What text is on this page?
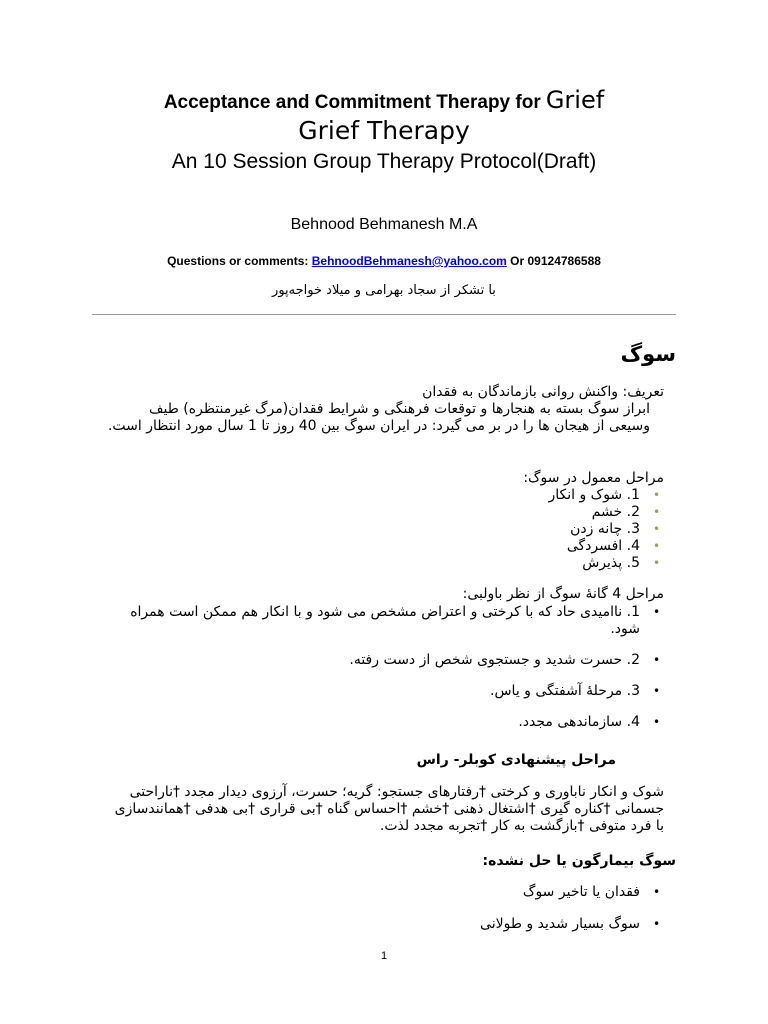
Acceptance and Commitment Therapy for Grief
Grief Therapy
An 10 Session Group Therapy Protocol(Draft)
Behnood Behmanesh M.A
Questions or comments: BehnoodBehmanesh@yahoo.com Or 09124786588
با تشکر از سجاد بهرامی و میلاد خواجه‌پور
سوگ
تعریف: واکنش روانی بازماندگان به فقدان
ابراز سوگ بسته به هنجارها و توقعات فرهنگی و شرایط فقدان(مرگ غیرمنتظره) طیف وسیعی از هیجان ها را در بر می گیرد: در ایران سوگ بین 40 روز تا 1 سال مورد انتظار است.
مراحل معمول در سوگ:
•
1. شوک و انکار
•
2. خشم
•
3. چانه زدن
•
4. افسردگی
•
5. پذیرش
مراحل 4 گانهٔ سوگ از نظر باولبی:
•
1. ناامیدی حاد که با کرختی و اعتراض مشخص می شود و با انکار هم ممکن است همراه شود.
•
2. حسرت شدید و جستجوی شخص از دست رفته.
•
3. مرحلهٔ آشفتگی و یاس.
•
4. سازماندهی مجدد.
مراحل پیشنهادی کوبلر- راس
شوک و انکار ناباوری و کرختی †رفتارهای جستجو: گریه؛ حسرت، آرزوی دیدار مجدد †ناراحتی جسمانی †کناره گیری †اشتغال ذهنی †خشم †احساس گناه †بی قراری †بی هدفی †همانندسازی با فرد متوفی †بازگشت به کار †تجربه مجدد لذت.
سوگ بیمارگون یا حل نشده:
•
فقدان یا تاخیر سوگ
•
سوگ بسیار شدید و طولانی
1
